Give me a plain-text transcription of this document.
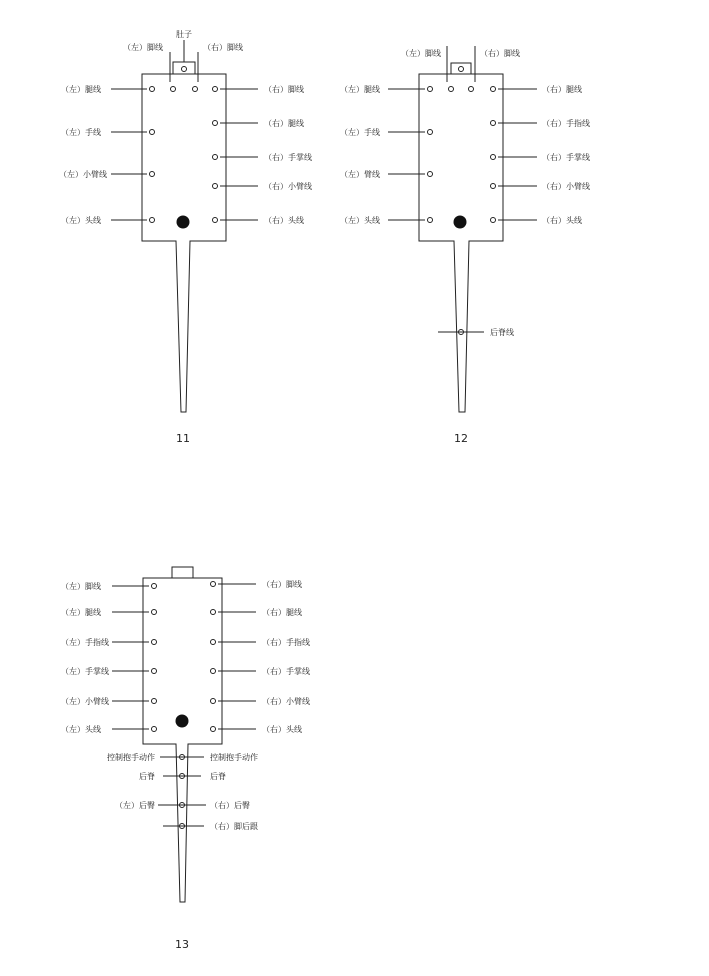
肚子
（左）脚线	（右）脚线
（左）腿线	（右）脚线
（左）手线
（右）腿线
（右）手掌线
（左）小臂线
（右）小臂线
（左）头线	（右）头线
11
（左）脚线	（右）脚线
（左）腿线	（右）腿线
（左）手线
（右）手指线
（右）手掌线
（左）臂线
（右）小臂线
（左）头线	（右）头线
后脊线
12
（左）脚线	（右）脚线
（左）腿线	（右）腿线
（左）手指线	（右）手指线
（左）手掌线	（右）手掌线
（左）小臂线	（右）小臂线
（左）头线	（右）头线
控制抱手动作	控制抱手动作
后脊	后脊
（左）后臀	（右）后臀
（右）脚后跟
13
